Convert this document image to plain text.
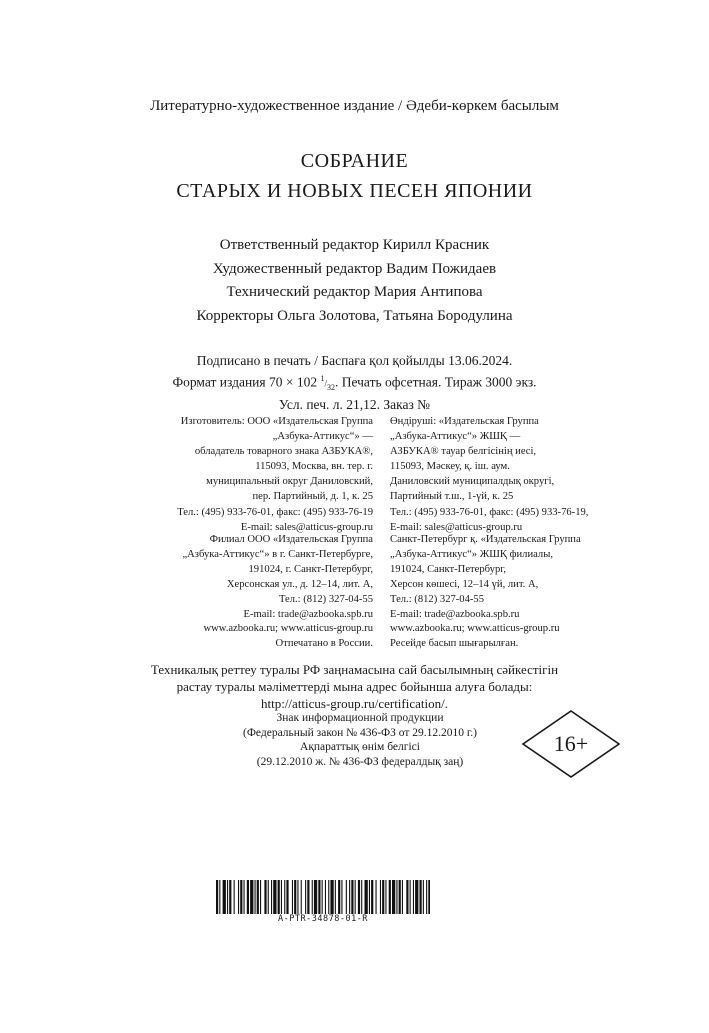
Литературно-художественное издание / Әдеби-көркем басылым
СОБРАНИЕ
СТАРЫХ И НОВЫХ ПЕСЕН ЯПОНИИ
Ответственный редактор Кирилл Красник
Художественный редактор Вадим Пожидаев
Технический редактор Мария Антипова
Корректоры Ольга Золотова, Татьяна Бородулина
Подписано в печать / Баспаға қол қойылды 13.06.2024.
Формат издания 70 × 102 $^1/_{32}$. Печать офсетная. Тираж 3000 экз.
Усл. печ. л. 21,12. Заказ №
Изготовитель: ООО «Издательская Группа
„Азбука-Аттикус“» —
обладатель товарного знака АЗБУКА®,
115093, Москва, вн. тер. г.
муниципальный округ Даниловский,
пер. Партийный, д. 1, к. 25
Тел.: (495) 933-76-01, факс: (495) 933-76-19
E-mail: sales@atticus-group.ru
Өндіруші: «Издательская Группа
„Азбука-Аттикус“» ЖШҚ —
АЗБУКА® тауар белгісінің иесі,
115093, Мәскеу, қ. іш. аум.
Даниловский муниципалдық округі,
Партийный т.ш., 1-үй, к. 25
Тел.: (495) 933-76-01, факс: (495) 933-76-19,
E-mail: sales@atticus-group.ru
Филиал ООО «Издательская Группа
„Азбука-Аттикус“» в г. Санкт-Петербурге,
191024, г. Санкт-Петербург,
Херсонская ул., д. 12–14, лит. А,
Тел.: (812) 327-04-55
E-mail: trade@azbooka.spb.ru
Санкт-Петербург қ. «Издательская Группа
„Азбука-Аттикус“» ЖШҚ филиалы,
191024, Санкт-Петербург,
Херсон көшесі, 12–14 үй, лит. А,
Тел.: (812) 327-04-55
E-mail: trade@azbooka.spb.ru
www.azbooka.ru; www.atticus-group.ru
Отпечатано в России.
www.azbooka.ru; www.atticus-group.ru
Ресейде басып шығарылған.
Техникалық реттеу туралы РФ заңнамасына сай басылымның сәйкестігін
растау туралы мәліметтерді мына адрес бойынша алуға болады:
http://atticus-group.ru/certification/.
Знак информационной продукции
(Федеральный закон № 436-ФЗ от 29.12.2010 г.)
Ақпараттық өнім белгісі
(29.12.2010 ж. № 436-ФЗ федералдық заң)
16+
А-PTR-34878-01-R
